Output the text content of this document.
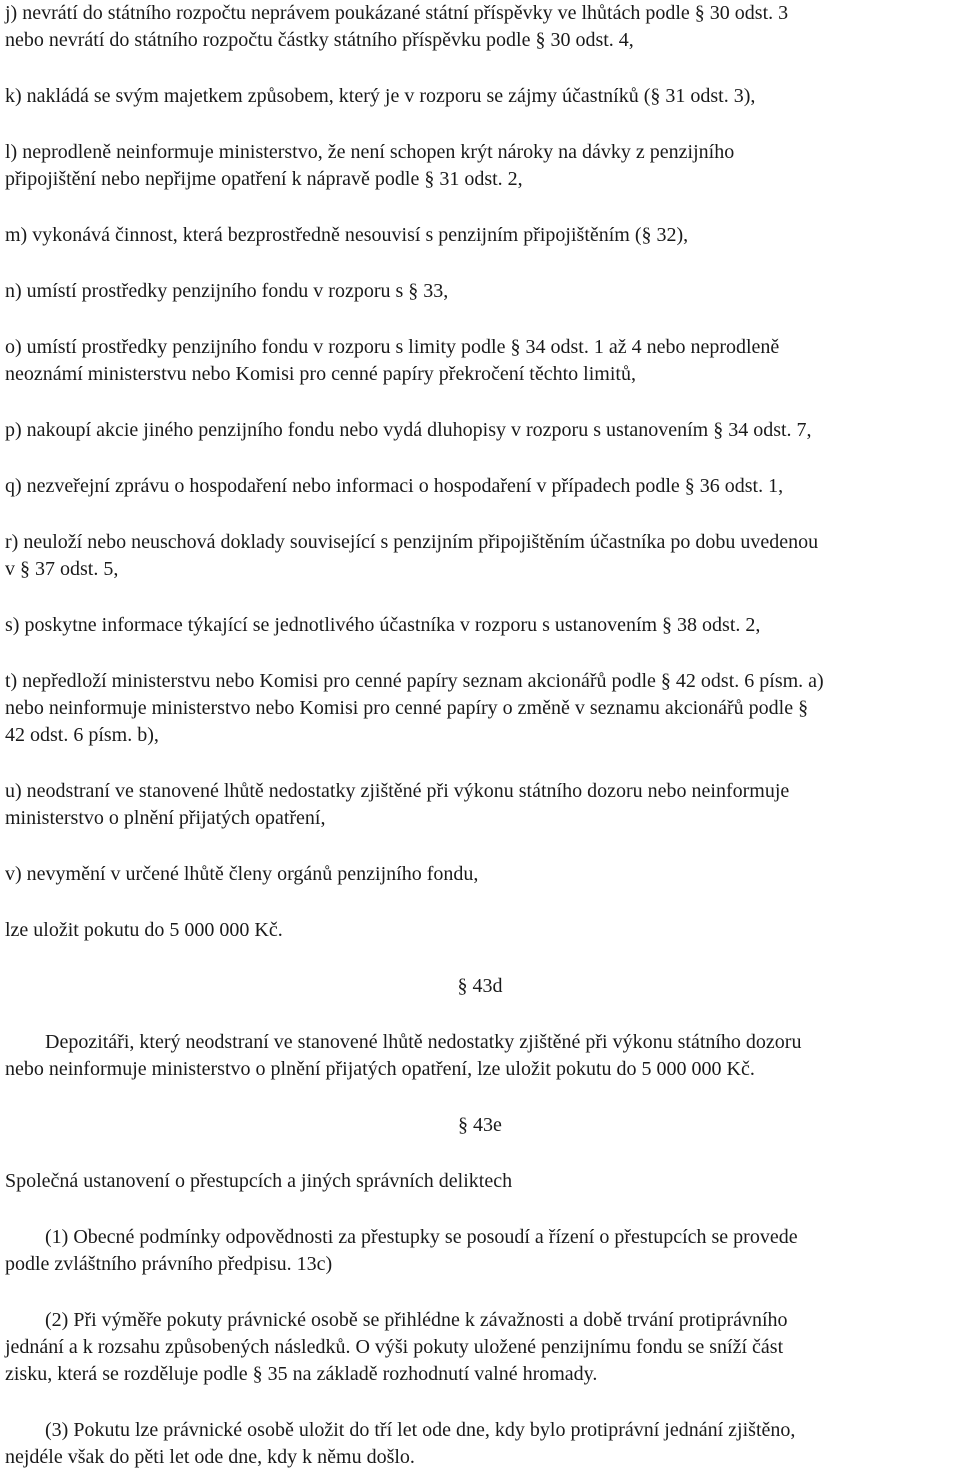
j) nevrátí do státního rozpočtu neprávem poukázané státní příspěvky ve lhůtách podle § 30 odst. 3
nebo nevrátí do státního rozpočtu částky státního příspěvku podle § 30 odst. 4,
k) nakládá se svým majetkem způsobem, který je v rozporu se zájmy účastníků (§ 31 odst. 3),
l) neprodleně neinformuje ministerstvo, že není schopen krýt nároky na dávky z penzijního
připojištění nebo nepřijme opatření k nápravě podle § 31 odst. 2,
m) vykonává činnost, která bezprostředně nesouvisí s penzijním připojištěním (§ 32),
n) umístí prostředky penzijního fondu v rozporu s § 33,
o) umístí prostředky penzijního fondu v rozporu s limity podle § 34 odst. 1 až 4 nebo neprodleně
neoznámí ministerstvu nebo Komisi pro cenné papíry překročení těchto limitů,
p) nakoupí akcie jiného penzijního fondu nebo vydá dluhopisy v rozporu s ustanovením § 34 odst. 7,
q) nezveřejní zprávu o hospodaření nebo informaci o hospodaření v případech podle § 36 odst. 1,
r) neuloží nebo neuschová doklady související s penzijním připojištěním účastníka po dobu uvedenou
v § 37 odst. 5,
s) poskytne informace týkající se jednotlivého účastníka v rozporu s ustanovením § 38 odst. 2,
t) nepředloží ministerstvu nebo Komisi pro cenné papíry seznam akcionářů podle § 42 odst. 6 písm. a)
nebo neinformuje ministerstvo nebo Komisi pro cenné papíry o změně v seznamu akcionářů podle §
42 odst. 6 písm. b),
u) neodstraní ve stanovené lhůtě nedostatky zjištěné při výkonu státního dozoru nebo neinformuje
ministerstvo o plnění přijatých opatření,
v) nevymění v určené lhůtě členy orgánů penzijního fondu,
lze uložit pokutu do 5 000 000 Kč.
§ 43d
Depozitáři, který neodstraní ve stanovené lhůtě nedostatky zjištěné při výkonu státního dozoru
nebo neinformuje ministerstvo o plnění přijatých opatření, lze uložit pokutu do 5 000 000 Kč.
§ 43e
Společná ustanovení o přestupcích a jiných správních deliktech
(1) Obecné podmínky odpovědnosti za přestupky se posoudí a řízení o přestupcích se provede
podle zvláštního právního předpisu. 13c)
(2) Při výměře pokuty právnické osobě se přihlédne k závažnosti a době trvání protiprávního
jednání a k rozsahu způsobených následků. O výši pokuty uložené penzijnímu fondu se sníží část
zisku, která se rozděluje podle § 35 na základě rozhodnutí valné hromady.
(3) Pokutu lze právnické osobě uložit do tří let ode dne, kdy bylo protiprávní jednání zjištěno,
nejdéle však do pěti let ode dne, kdy k němu došlo.
